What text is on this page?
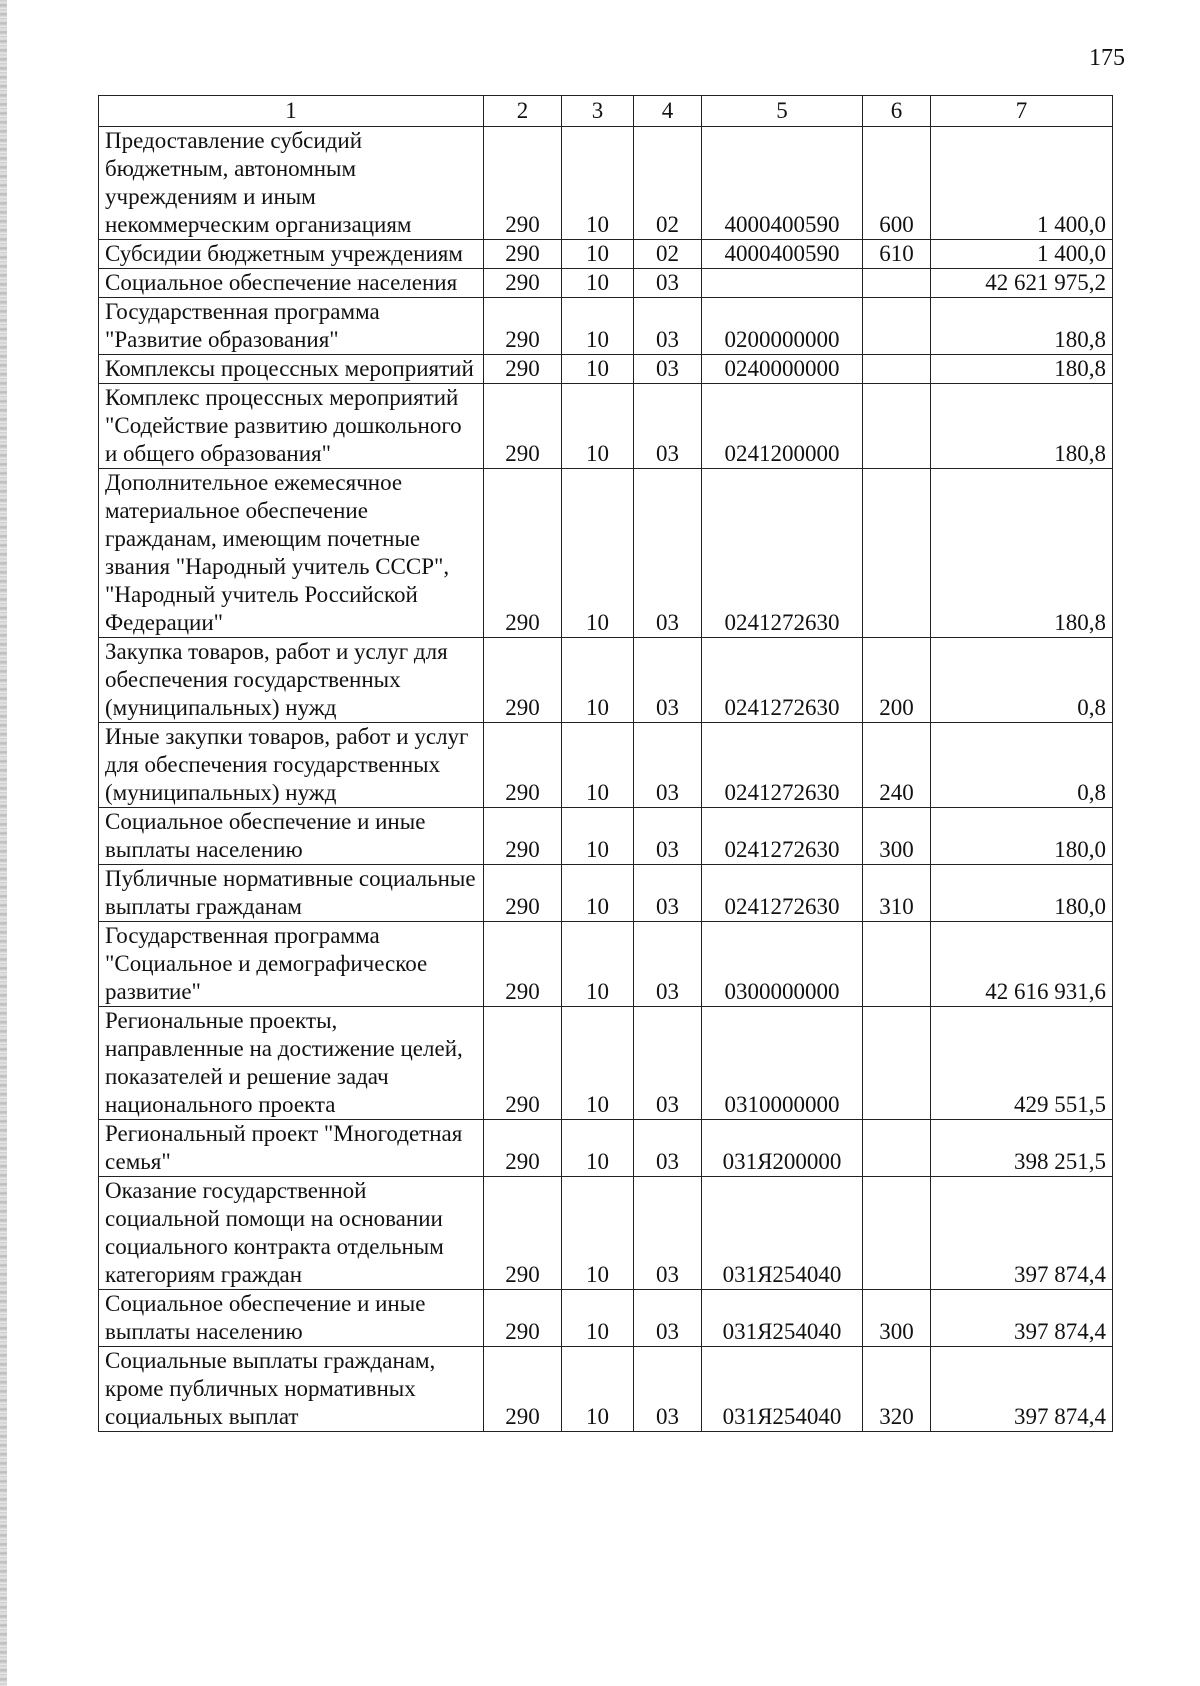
175
1	2	3	4	5	6	7
Предоставление субсидий бюджетным, автономным учреждениям и иным некоммерческим организациям	290	10	02	4000400590	600	1 400,0
Субсидии бюджетным учреждениям	290	10	02	4000400590	610	1 400,0
Социальное обеспечение населения	290	10	03			42 621 975,2
Государственная программа "Развитие образования"	290	10	03	0200000000		180,8
Комплексы процессных мероприятий	290	10	03	0240000000		180,8
Комплекс процессных мероприятий "Содействие развитию дошкольного и общего образования"	290	10	03	0241200000		180,8
Дополнительное ежемесячное материальное обеспечение гражданам, имеющим почетные звания "Народный учитель СССР", "Народный учитель Российской Федерации"	290	10	03	0241272630		180,8
Закупка товаров, работ и услуг для обеспечения государственных (муниципальных) нужд	290	10	03	0241272630	200	0,8
Иные закупки товаров, работ и услуг для обеспечения государственных (муниципальных) нужд	290	10	03	0241272630	240	0,8
Социальное обеспечение и иные выплаты населению	290	10	03	0241272630	300	180,0
Публичные нормативные социальные выплаты гражданам	290	10	03	0241272630	310	180,0
Государственная программа "Социальное и демографическое развитие"	290	10	03	0300000000		42 616 931,6
Региональные проекты, направленные на достижение целей, показателей и решение задач национального проекта	290	10	03	0310000000		429 551,5
Региональный проект "Многодетная семья"	290	10	03	031Я200000		398 251,5
Оказание государственной социальной помощи на основании социального контракта отдельным категориям граждан	290	10	03	031Я254040		397 874,4
Социальное обеспечение и иные выплаты населению	290	10	03	031Я254040	300	397 874,4
Социальные выплаты гражданам, кроме публичных нормативных социальных выплат	290	10	03	031Я254040	320	397 874,4
